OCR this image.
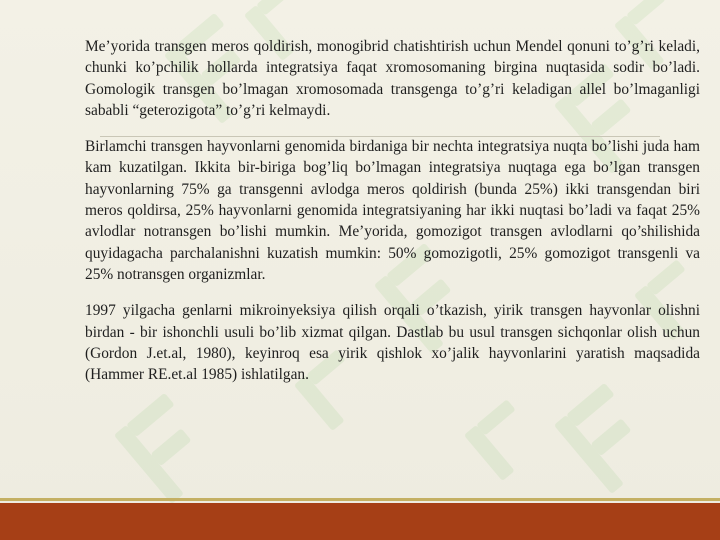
Me’yorida transgen meros qoldirish, monogibrid chatishtirish uchun Mendel qonuni to’g’ri keladi, chunki ko’pchilik hollarda integratsiya faqat xromosomaning birgina nuqtasida sodir bo’ladi. Gomologik transgen bo’lmagan xromosomada transgenga to’g’ri keladigan allel bo’lmaganligi sababli “geterozigota” to’g’ri kelmaydi.

Birlamchi transgen hayvonlarni genomida birdaniga bir nechta integratsiya nuqta bo’lishi juda ham kam kuzatilgan. Ikkita bir-biriga bog’liq bo’lmagan integratsiya nuqtaga ega bo’lgan transgen hayvonlarning 75% ga transgenni avlodga meros qoldirish (bunda 25%) ikki transgendan biri meros qoldirsa, 25% hayvonlarni genomida integratsiyaning har ikki nuqtasi bo’ladi va faqat 25% avlodlar notransgen bo’lishi mumkin. Me’yorida, gomozigot transgen avlodlarni qo’shilishida quyidagacha parchalanishni kuzatish mumkin: 50% gomozigotli, 25% gomozigot transgenli va 25% notransgen organizmlar.

1997 yilgacha genlarni mikroinyeksiya qilish orqali o’tkazish, yirik transgen hayvonlar olishni birdan - bir ishonchli usuli bo’lib xizmat qilgan. Dastlab bu usul transgen sichqonlar olish uchun (Gordon J.et.al, 1980), keyinroq esa yirik qishlok xo’jalik hayvonlarini yaratish maqsadida (Hammer RE.et.al 1985) ishlatilgan.
